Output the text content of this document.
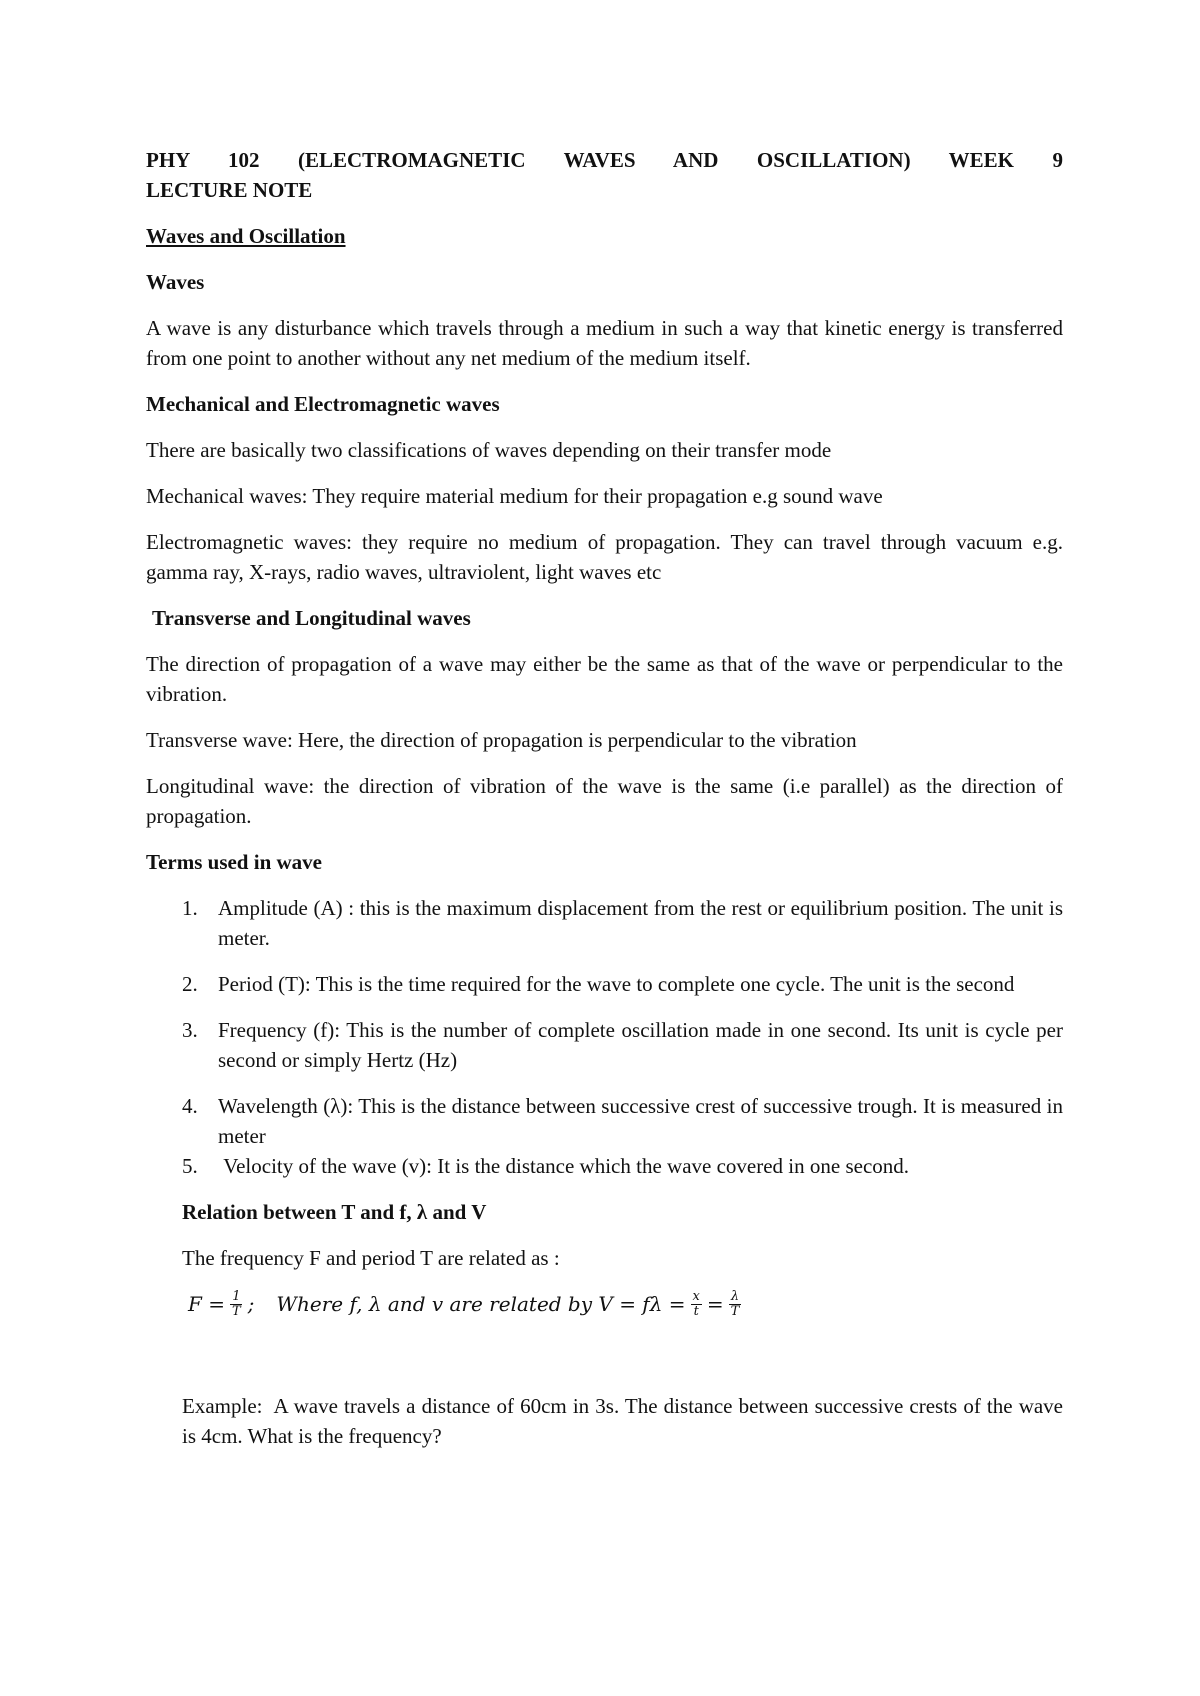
PHY 102 (ELECTROMAGNETIC WAVES AND OSCILLATION) WEEK 9

LECTURE NOTE

Waves and Oscillation
Waves

A wave is any disturbance which travels through a medium in such a way that kinetic energy is transferred from one point to another without any net medium of the medium itself.

Mechanical and Electromagnetic waves

There are basically two classifications of waves depending on their transfer mode

Mechanical waves: They require material medium for their propagation e.g sound wave

Electromagnetic waves: they require no medium of propagation. They can travel through vacuum e.g. gamma ray, X-rays, radio waves, ultraviolent, light waves etc

Transverse and Longitudinal waves

The direction of propagation of a wave may either be the same as that of the wave or perpendicular to the vibration.

Transverse wave: Here, the direction of propagation is perpendicular to the vibration

Longitudinal wave: the direction of vibration of the wave is the same (i.e parallel) as the direction of propagation.

Terms used in wave
1. Amplitude (A) : this is the maximum displacement from the rest or equilibrium position. The unit is meter.
2. Period (T): This is the time required for the wave to complete one cycle. The unit is the second
3. Frequency (f): This is the number of complete oscillation made in one second. Its unit is cycle per second or simply Hertz (Hz)
4. Wavelength (λ): This is the distance between successive crest of successive trough. It is measured in meter
5. Velocity of the wave (v): It is the distance which the wave covered in one second.
Relation between T and f, λ and V

The frequency F and period T are related as :

$F = \frac{1}{T}$ ; Where f, λ and v are related by $V = f\lambda = \frac{x}{t} = \frac{\lambda}{T}$

Example:  A wave travels a distance of 60cm in 3s. The distance between successive crests of the wave is 4cm. What is the frequency?
